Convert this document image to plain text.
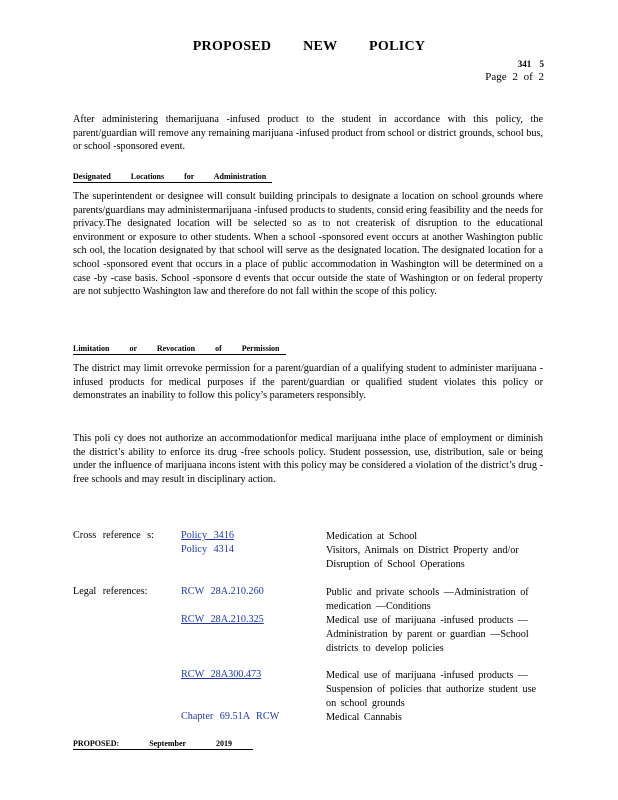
PROPOSED NEW POLICY
341 5
Page 2 of 2
After administering themarijuana -infused product to the student in accordance with this policy, the parent/guardian will remove any remaining marijuana -infused product from school or district grounds, school bus, or school -sponsored event.
Designated Locations for Administration
The superintendent or designee will consult building principals to designate a location on school grounds where parents/guardians may administermarijuana -infused products to students, consid ering feasibility and the needs for privacy.The designated location will be selected so as to not createrisk of disruption to the educational environment or exposure to other students. When a school -sponsored event occurs at another Washington public sch ool, the location designated by that school will serve as the designated location. The designated location for a school -sponsored event that occurs in a place of public accommodation in Washington will be determined on a case -by -case basis. School -sponsore d events that occur outside the state of Washington or on federal property are not subjectto Washington law and therefore do not fall within the scope of this policy.
Limitation or Revocation of Permission
The district may limit orrevoke permission for a parent/guardian of a qualifying student to administer marijuana -infused products for medical purposes if the parent/guardian or qualified student violates this policy or demonstrates an inability to follow this policy’s parameters responsibly.
This poli cy does not authorize an accommodationfor medical marijuana inthe place of employment or diminish the district’s ability to enforce its drug -free schools policy. Student possession, use, distribution, sale or being under the influence of marijuana incons istent with this policy may be considered a violation of the district’s drug -free schools and may result in disciplinary action.
Cross reference s:	Policy 3416	Medication at School
Policy 4314	Visitors, Animals on District Property and/or Disruption of School Operations
Legal references:	RCW 28A.210.260	Public and private schools —Administration of medication —Conditions
RCW 28A.210.325	Medical use of marijuana -infused products —Administration by parent or guardian —School districts to develop policies
RCW 28A300.473	Medical use of marijuana -infused products —Suspension of policies that authorize student use on school grounds
Chapter 69.51A RCW	Medical Cannabis
PROPOSED: September 2019
